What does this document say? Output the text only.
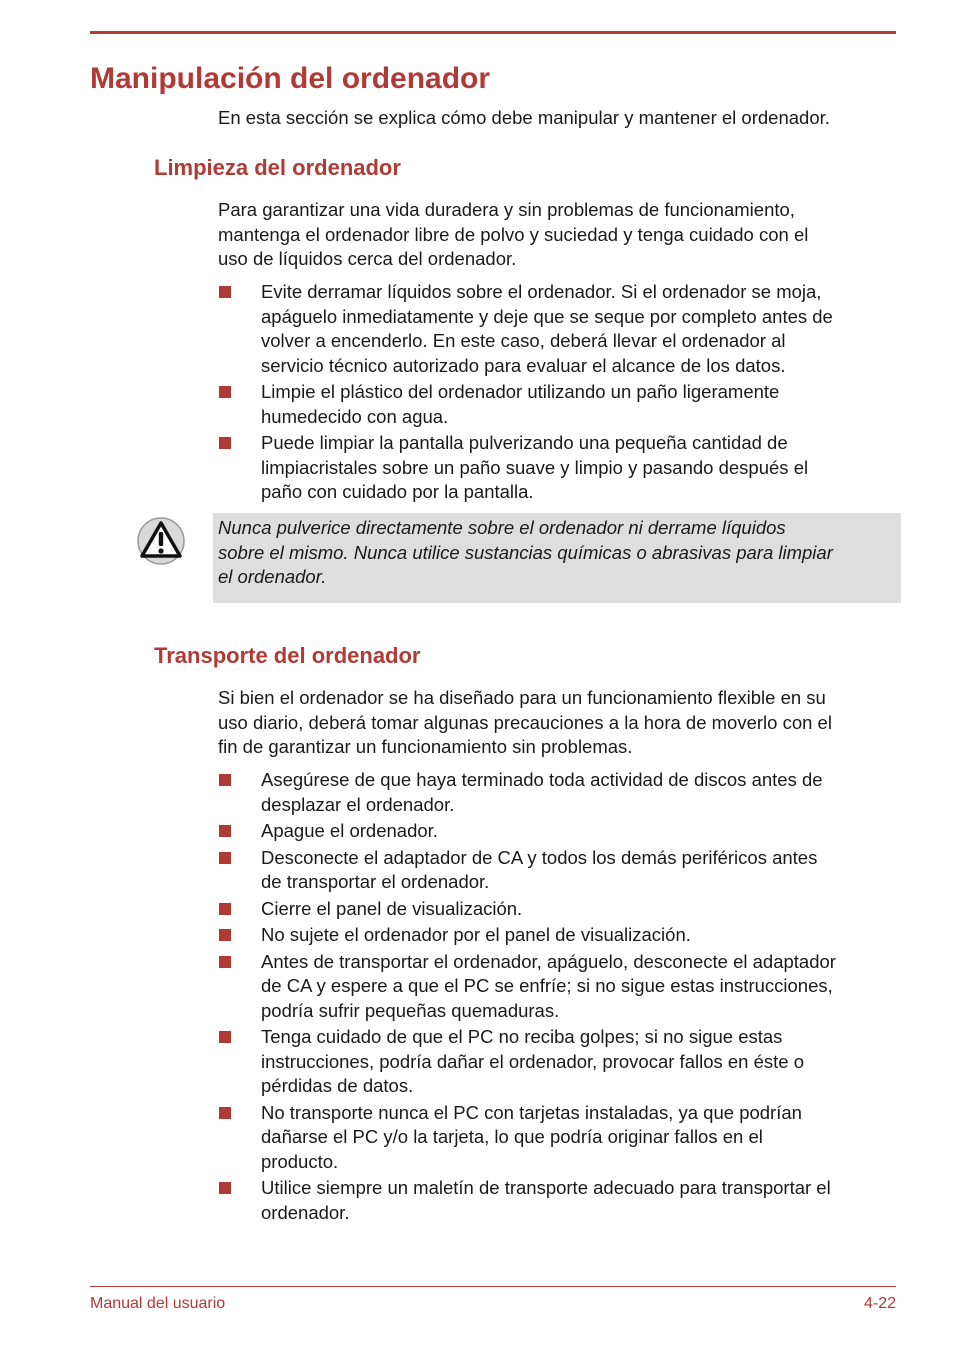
Manipulación del ordenador

En esta sección se explica cómo debe manipular y mantener el ordenador.

Limpieza del ordenador

Para garantizar una vida duradera y sin problemas de funcionamiento,
mantenga el ordenador libre de polvo y suciedad y tenga cuidado con el
uso de líquidos cerca del ordenador.

Evite derramar líquidos sobre el ordenador. Si el ordenador se moja,
apáguelo inmediatamente y deje que se seque por completo antes de
volver a encenderlo. En este caso, deberá llevar el ordenador al
servicio técnico autorizado para evaluar el alcance de los datos.
Limpie el plástico del ordenador utilizando un paño ligeramente
humedecido con agua.
Puede limpiar la pantalla pulverizando una pequeña cantidad de
limpiacristales sobre un paño suave y limpio y pasando después el
paño con cuidado por la pantalla.

Nunca pulverice directamente sobre el ordenador ni derrame líquidos
sobre el mismo. Nunca utilice sustancias químicas o abrasivas para limpiar
el ordenador.

Transporte del ordenador

Si bien el ordenador se ha diseñado para un funcionamiento flexible en su
uso diario, deberá tomar algunas precauciones a la hora de moverlo con el
fin de garantizar un funcionamiento sin problemas.

Asegúrese de que haya terminado toda actividad de discos antes de
desplazar el ordenador.
Apague el ordenador.
Desconecte el adaptador de CA y todos los demás periféricos antes
de transportar el ordenador.
Cierre el panel de visualización.
No sujete el ordenador por el panel de visualización.
Antes de transportar el ordenador, apáguelo, desconecte el adaptador
de CA y espere a que el PC se enfríe; si no sigue estas instrucciones,
podría sufrir pequeñas quemaduras.
Tenga cuidado de que el PC no reciba golpes; si no sigue estas
instrucciones, podría dañar el ordenador, provocar fallos en éste o
pérdidas de datos.
No transporte nunca el PC con tarjetas instaladas, ya que podrían
dañarse el PC y/o la tarjeta, lo que podría originar fallos en el
producto.
Utilice siempre un maletín de transporte adecuado para transportar el
ordenador.
Manual del usuario	4-22
